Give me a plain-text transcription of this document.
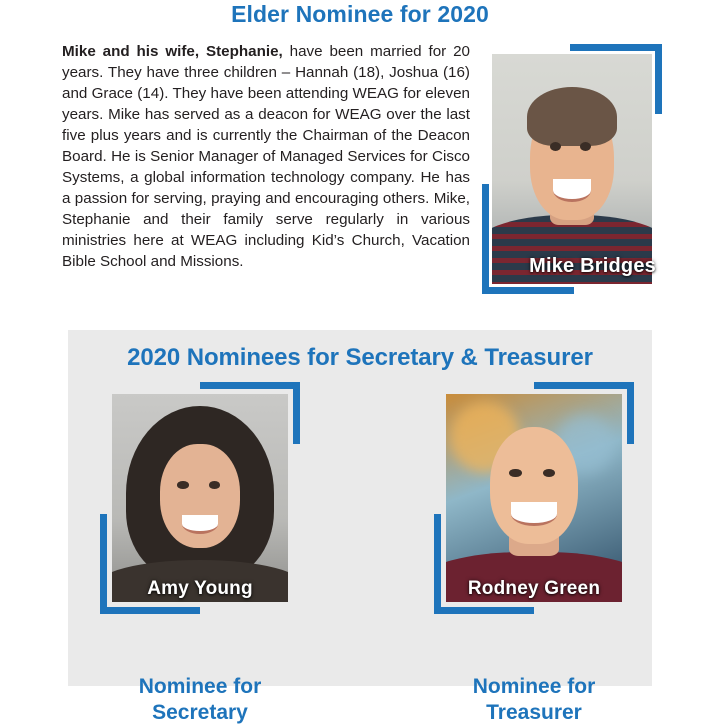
Elder Nominee for 2020

Mike and his wife, Stephanie, have been married for 20 years. They have three children – Hannah (18), Joshua (16) and Grace (14). They have been attending WEAG for eleven years. Mike has served as a deacon for WEAG over the last five plus years and is currently the Chairman of the Deacon Board. He is Senior Manager of Managed Services for Cisco Systems, a global information technology company. He has a passion for serving, praying and encouraging others. Mike, Stephanie and their family serve regularly in various ministries here at WEAG including Kid’s Church, Vacation Bible School and Missions.	Mike Bridges
2020 Nominees for Secretary & Treasurer
Amy Young	Rodney Green
Nominee for
Secretary
Nominee for
Treasurer
